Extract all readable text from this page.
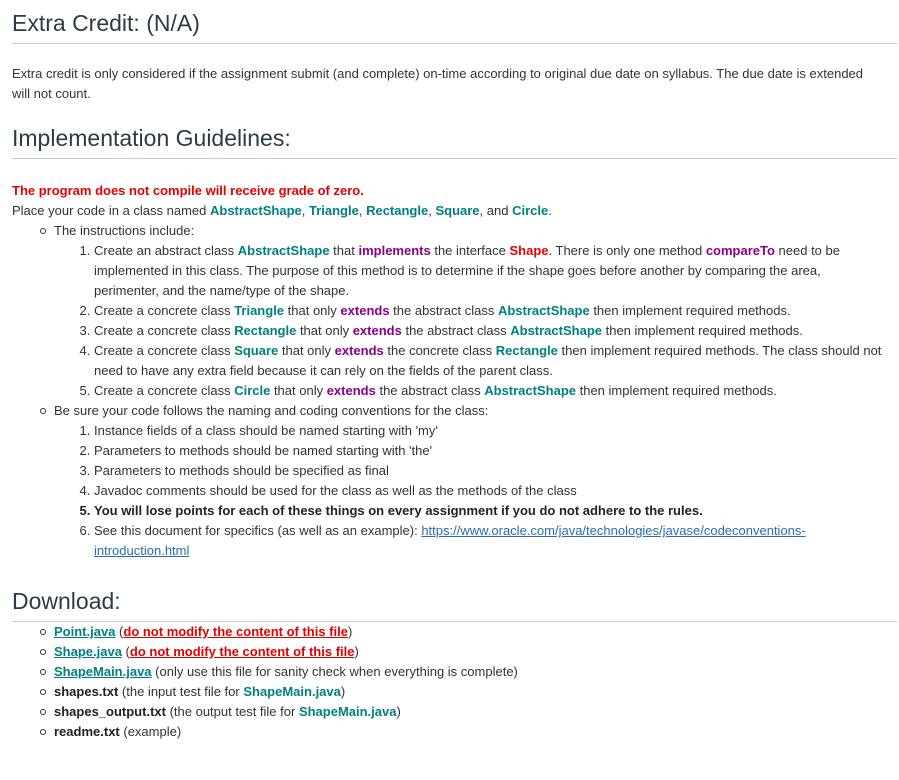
Extra Credit: (N/A)

Extra credit is only considered if the assignment submit (and complete) on-time according to original due date on syllabus. The due date is extended will not count.

Implementation Guidelines:

The program does not compile will receive grade of zero.

Place your code in a class named AbstractShape, Triangle, Rectangle, Square, and Circle.

The instructions include:
1. Create an abstract class AbstractShape that implements the interface Shape. There is only one method compareTo need to be implemented in this class. The purpose of this method is to determine if the shape goes before another by comparing the area, perimenter, and the name/type of the shape.
2. Create a concrete class Triangle that only extends the abstract class AbstractShape then implement required methods.
3. Create a concrete class Rectangle that only extends the abstract class AbstractShape then implement required methods.
4. Create a concrete class Square that only extends the concrete class Rectangle then implement required methods. The class should not need to have any extra field because it can rely on the fields of the parent class.
5. Create a concrete class Circle that only extends the abstract class AbstractShape then implement required methods.
Be sure your code follows the naming and coding conventions for the class:
1. Instance fields of a class should be named starting with 'my'
2. Parameters to methods should be named starting with 'the'
3. Parameters to methods should be specified as final
4. Javadoc comments should be used for the class as well as the methods of the class
5. You will lose points for each of these things on every assignment if you do not adhere to the rules.
6. See this document for specifics (as well as an example): https://www.oracle.com/java/technologies/javase/codeconventions-introduction.html
Download:
Point.java (do not modify the content of this file)
Shape.java (do not modify the content of this file)
ShapeMain.java (only use this file for sanity check when everything is complete)
shapes.txt (the input test file for ShapeMain.java)
shapes_output.txt (the output test file for ShapeMain.java)
readme.txt (example)
